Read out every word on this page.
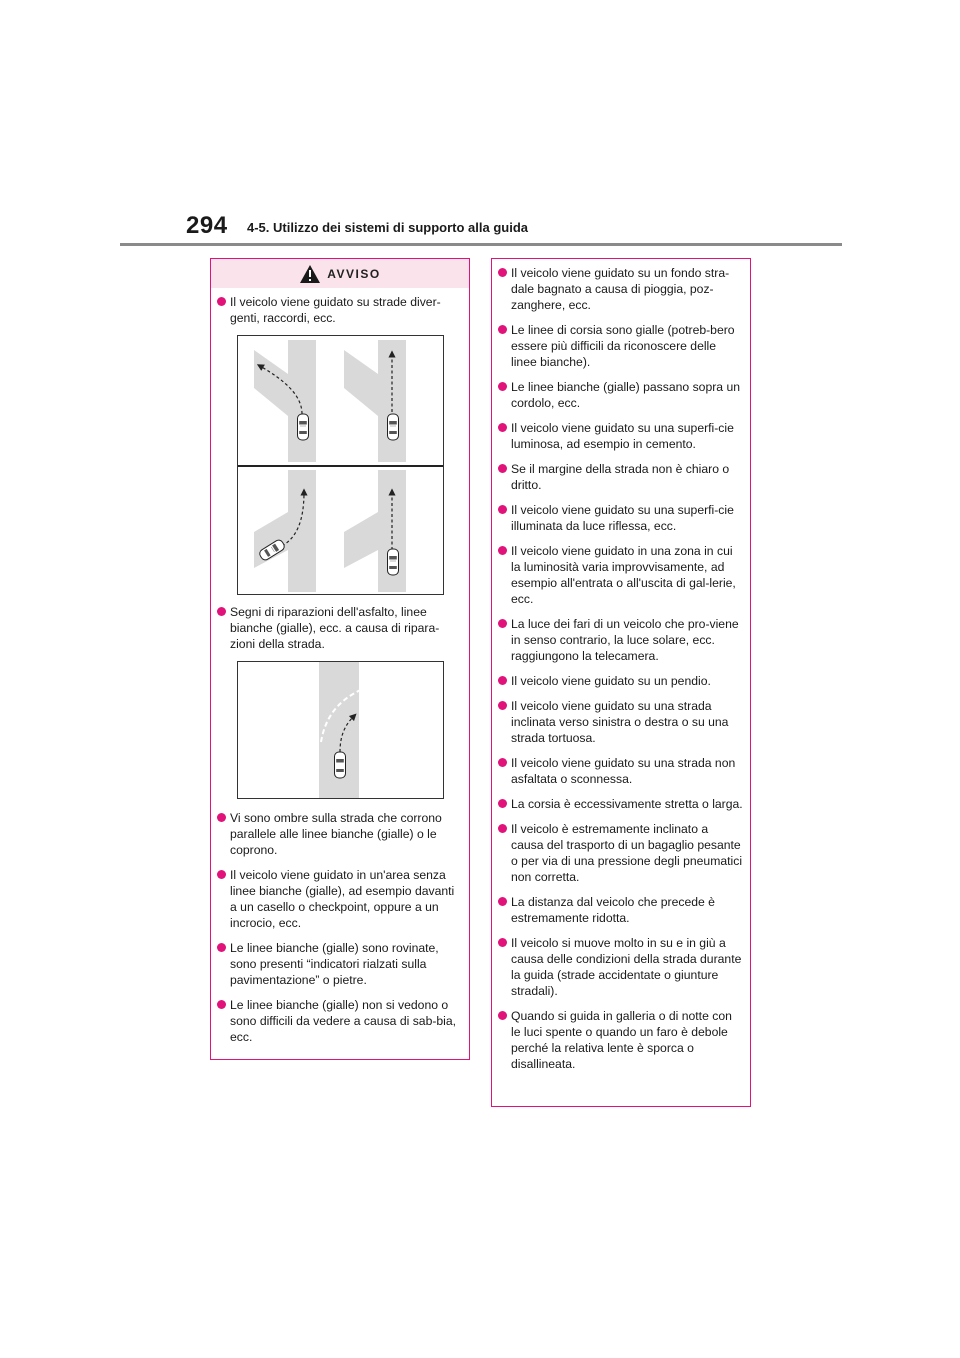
294 4-5. Utilizzo dei sistemi di supporto alla guida
AVVISO
Il veicolo viene guidato su strade diver-genti, raccordi, ecc.
Segni di riparazioni dell'asfalto, linee bianche (gialle), ecc. a causa di ripara-zioni della strada.
Vi sono ombre sulla strada che corrono parallele alle linee bianche (gialle) o le coprono.
Il veicolo viene guidato in un'area senza linee bianche (gialle), ad esempio davanti a un casello o checkpoint, oppure a un incrocio, ecc.
Le linee bianche (gialle) sono rovinate, sono presenti “indicatori rialzati sulla pavimentazione” o pietre.
Le linee bianche (gialle) non si vedono o sono difficili da vedere a causa di sab-bia, ecc.
Il veicolo viene guidato su un fondo stra-dale bagnato a causa di pioggia, poz-zanghere, ecc.
Le linee di corsia sono gialle (potreb-bero essere più difficili da riconoscere delle linee bianche).
Le linee bianche (gialle) passano sopra un cordolo, ecc.
Il veicolo viene guidato su una superfi-cie luminosa, ad esempio in cemento.
Se il margine della strada non è chiaro o dritto.
Il veicolo viene guidato su una superfi-cie illuminata da luce riflessa, ecc.
Il veicolo viene guidato in una zona in cui la luminosità varia improvvisamente, ad esempio all'entrata o all'uscita di gal-lerie, ecc.
La luce dei fari di un veicolo che pro-viene in senso contrario, la luce solare, ecc. raggiungono la telecamera.
Il veicolo viene guidato su un pendio.
Il veicolo viene guidato su una strada inclinata verso sinistra o destra o su una strada tortuosa.
Il veicolo viene guidato su una strada non asfaltata o sconnessa.
La corsia è eccessivamente stretta o larga.
Il veicolo è estremamente inclinato a causa del trasporto di un bagaglio pesante o per via di una pressione degli pneumatici non corretta.
La distanza dal veicolo che precede è estremamente ridotta.
Il veicolo si muove molto in su e in giù a causa delle condizioni della strada durante la guida (strade accidentate o giunture stradali).
Quando si guida in galleria o di notte con le luci spente o quando un faro è debole perché la relativa lente è sporca o disallineata.
